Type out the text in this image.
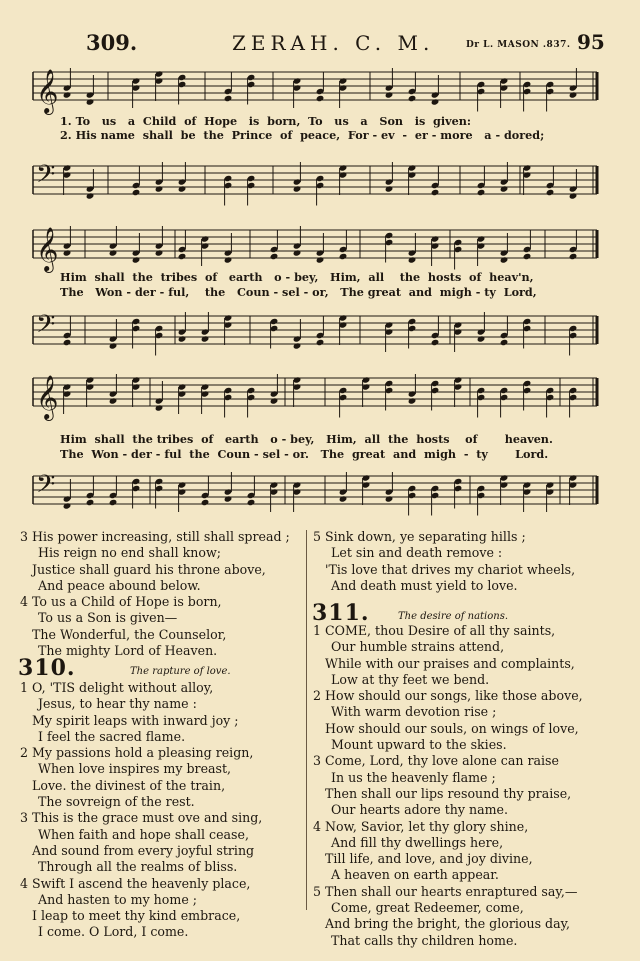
309.	ZERAH. C. M.	Dr L. MASON .837. 95
𝄞
1. To   us   a  Child  of  Hope   is  born,  To   us   a   Son   is  given:
2. His name  shall  be  the  Prince  of  peace,  For - ev  -  er - more   a - dored;
𝄢
𝄞
Him  shall  the  tribes  of   earth   o - bey,   Him,  all    the  hosts  of  heav'n,
The   Won - der - ful,    the   Coun - sel - or,   The great  and  migh - ty  Lord,
𝄢
𝄞
Him  shall  the tribes  of   earth   o - bey,   Him,  all  the  hosts    of       heaven.
The  Won - der - ful  the  Coun - sel - or.   The  great  and  migh  -  ty       Lord.
𝄢
3 His power increasing, still shall spread ;
His reign no end shall know;
Justice shall guard his throne above,
And peace abound below.
4 To us a Child of Hope is born,
To us a Son is given—
The Wonderful, the Counselor,
The mighty Lord of Heaven.
310.	The rapture of love.
1 O, 'TIS delight without alloy,
Jesus, to hear thy name :
My spirit leaps with inward joy ;
I feel the sacred flame.
2 My passions hold a pleasing reign,
When love inspires my breast,
Love. the divinest of the train,
The sovreign of the rest.
3 This is the grace must ove and sing,
When faith and hope shall cease,
And sound from every joyful string
Through all the realms of bliss.
4 Swift I ascend the heavenly place,
And hasten to my home ;
I leap to meet thy kind embrace,
I come. O Lord, I come.
5 Sink down, ye separating hills ;
Let sin and death remove :
'Tis love that drives my chariot wheels,
And death must yield to love.
311.	The desire of nations.
1 COME, thou Desire of all thy saints,
Our humble strains attend,
While with our praises and complaints,
Low at thy feet we bend.
2 How should our songs, like those above,
With warm devotion rise ;
How should our souls, on wings of love,
Mount upward to the skies.
3 Come, Lord, thy love alone can raise
In us the heavenly flame ;
Then shall our lips resound thy praise,
Our hearts adore thy name.
4 Now, Savior, let thy glory shine,
And fill thy dwellings here,
Till life, and love, and joy divine,
A heaven on earth appear.
5 Then shall our hearts enraptured say,—
Come, great Redeemer, come,
And bring the bright, the glorious day,
That calls thy children home.
